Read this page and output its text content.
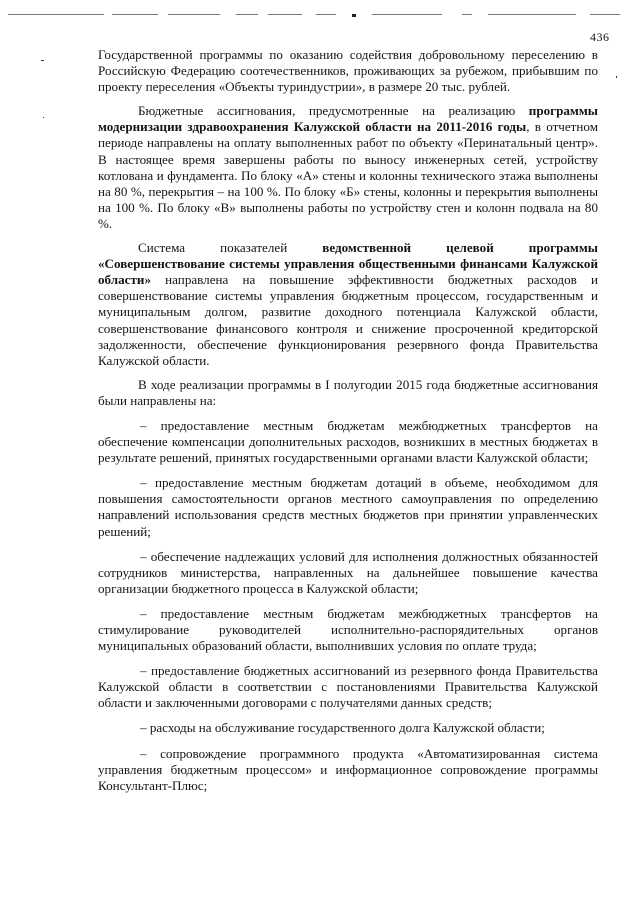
436

Государственной программы по оказанию содействия добровольному переселению в Российскую Федерацию соотечественников, проживающих за рубежом, прибывшим по проекту переселения «Объекты туриндустрии», в размере 20 тыс. рублей.

Бюджетные ассигнования, предусмотренные на реализацию программы модернизации здравоохранения Калужской области на 2011-2016 годы, в отчетном периоде направлены на оплату выполненных работ по объекту «Перинатальный центр». В настоящее время завершены работы по выносу инженерных сетей, устройству котлована и фундамента. По блоку «А» стены и колонны технического этажа выполнены на 80 %, перекрытия – на 100 %. По блоку «Б» стены, колонны и перекрытия выполнены на 100 %. По блоку «В» выполнены работы по устройству стен и колонн подвала на 80 %.

Система показателей ведомственной целевой программы «Совершенствование системы управления общественными финансами Калужской области» направлена на повышение эффективности бюджетных расходов и совершенствование системы управления бюджетным процессом, государственным и муниципальным долгом, развитие доходного потенциала Калужской области, совершенствование финансового контроля и снижение просроченной кредиторской задолженности, обеспечение функционирования резервного фонда Правительства Калужской области.

В ходе реализации программы в I полугодии 2015 года бюджетные ассигнования были направлены на:

– предоставление местным бюджетам межбюджетных трансфертов на обеспечение компенсации дополнительных расходов, возникших в местных бюджетах в результате решений, принятых государственными органами власти Калужской области;

– предоставление местным бюджетам дотаций в объеме, необходимом для повышения самостоятельности органов местного самоуправления по определению направлений использования средств местных бюджетов при принятии управленческих решений;

– обеспечение надлежащих условий для исполнения должностных обязанностей сотрудников министерства, направленных на дальнейшее повышение качества организации бюджетного процесса в Калужской области;

– предоставление местным бюджетам межбюджетных трансфертов на стимулирование руководителей исполнительно-распорядительных органов муниципальных образований области, выполнивших условия по оплате труда;

– предоставление бюджетных ассигнований из резервного фонда Правительства Калужской области в соответствии с постановлениями Правительства Калужской области и заключенными договорами с получателями данных средств;

– расходы на обслуживание государственного долга Калужской области;

– сопровождение программного продукта «Автоматизированная система управления бюджетным процессом» и информационное сопровождение программы Консультант-Плюс;
